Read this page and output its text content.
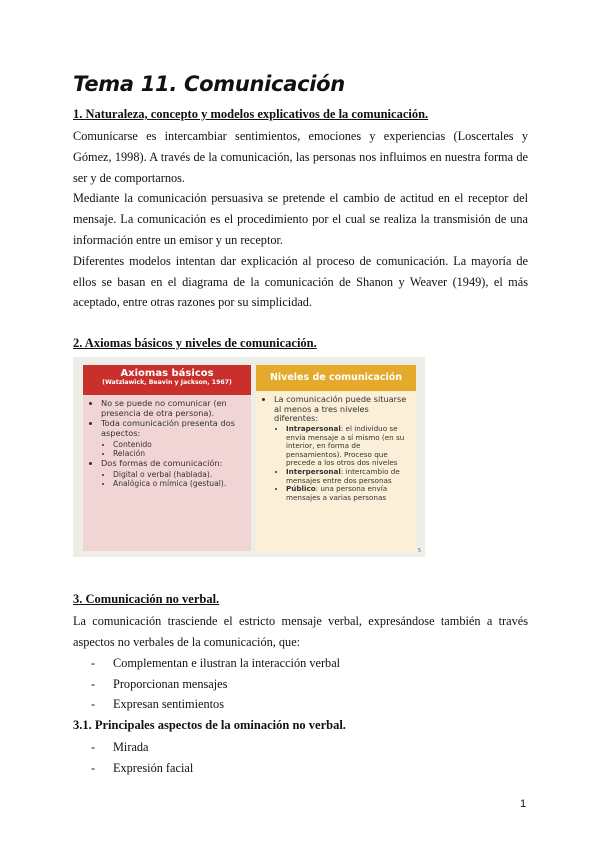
Tema 11. Comunicación
1. Naturaleza, concepto y modelos explicativos de la comunicación.

Comunicarse es intercambiar sentimientos, emociones y experiencias (Loscertales y Gómez, 1998). A través de la comunicación, las personas nos influimos en nuestra forma de ser y de comportarnos.

Mediante la comunicación persuasiva se pretende el cambio de actitud en el receptor del mensaje. La comunicación es el procedimiento por el cual se realiza la transmisión de una información entre un emisor y un receptor.

Diferentes modelos intentan dar explicación al proceso de comunicación. La mayoría de ellos se basan en el diagrama de la comunicación de Shanon y Weaver (1949), el más aceptado, entre otras razones por su simplicidad.

2. Axiomas básicos y niveles de comunicación.
Axiomas básicos
(Watzlawick, Beavin y Jackson, 1967)
• No se puede no comunicar (en presencia de otra persona).
• Toda comunicación presenta dos aspectos:
• Contenido
• Relación
• Dos formas de comunicación:
• Digital o verbal (hablada).
• Analógica o mímica (gestual).
Niveles de comunicación
• La comunicación puede situarse al menos a tres niveles diferentes:
• Intrapersonal: el individuo se envía mensaje a sí mismo (en su interior, en forma de pensamientos). Proceso que precede a los otros dos niveles
• Interpersonal: intercambio de mensajes entre dos personas
• Público: una persona envía mensajes a varias personas
5
3. Comunicación no verbal.

La comunicación trasciende el estricto mensaje verbal, expresándose también a través aspectos no verbales de la comunicación, que:

- Complementan e ilustran la interacción verbal
- Proporcionan mensajes
- Expresan sentimientos
3.1. Principales aspectos de la ominación no verbal.
- Mirada
- Expresión facial
1
